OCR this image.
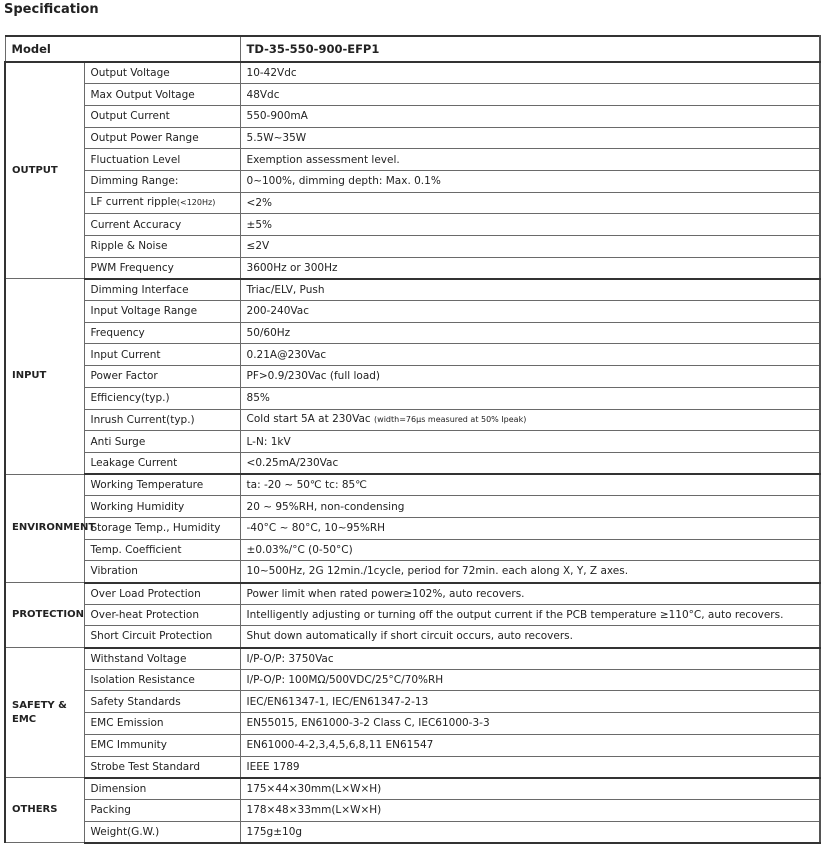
Specification
Model		TD-35-550-900-EFP1
OUTPUT	Output Voltage	10-42Vdc
	Max Output Voltage	48Vdc
	Output Current	550-900mA
	Output Power Range	5.5W~35W
	Fluctuation Level	Exemption assessment level.
	Dimming Range:	0~100%, dimming depth: Max. 0.1%
	LF current ripple(<120Hz)	<2%
	Current Accuracy	±5%
	Ripple & Noise	≤2V
	PWM Frequency	3600Hz or 300Hz
INPUT	Dimming Interface	Triac/ELV, Push
	Input Voltage Range	200-240Vac
	Frequency	50/60Hz
	Input Current	0.21A@230Vac
	Power Factor	PF>0.9/230Vac (full load)
	Efficiency(typ.)	85%
	Inrush Current(typ.)	Cold start 5A at 230Vac (width=76μs measured at 50% Ipeak)
	Anti Surge	L-N: 1kV
	Leakage Current	<0.25mA/230Vac
ENVIRONMENT	Working Temperature	ta: -20 ~ 50℃ tc: 85℃
	Working Humidity	20 ~ 95%RH, non-condensing
	Storage Temp., Humidity	-40°C ~ 80°C, 10~95%RH
	Temp. Coefficient	±0.03%/°C (0-50°C)
	Vibration	10~500Hz, 2G 12min./1cycle, period for 72min. each along X, Y, Z axes.
PROTECTION	Over Load Protection	Power limit when rated power≥102%, auto recovers.
	Over-heat Protection	Intelligently adjusting or turning off the output current if the PCB temperature ≥110°C, auto recovers.
	Short Circuit Protection	Shut down automatically if short circuit occurs, auto recovers.
SAFETY & EMC	Withstand Voltage	I/P-O/P: 3750Vac
	Isolation Resistance	I/P-O/P: 100MΩ/500VDC/25°C/70%RH
	Safety Standards	IEC/EN61347-1, IEC/EN61347-2-13
	EMC Emission	EN55015, EN61000-3-2 Class C, IEC61000-3-3
	EMC Immunity	EN61000-4-2,3,4,5,6,8,11 EN61547
	Strobe Test Standard	IEEE 1789
OTHERS	Dimension	175×44×30mm(L×W×H)
	Packing	178×48×33mm(L×W×H)
	Weight(G.W.)	175g±10g
